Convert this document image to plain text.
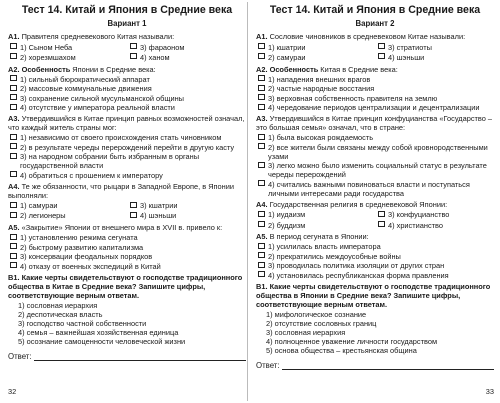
Тест 14. Китай и Япония в Средние века
Вариант 1
А1. Правителя средневекового Китая называли:
1) Сыном Неба	3) фараоном
2) хорезмшахом	4) ханом
А2. Особенность Японии в Средние века:
1) сильный бюрократический аппарат
2) массовые коммунальные движения
3) сохранение сильной мусульманской общины
4) отсутствие у императора реальной власти
А3. Утвердившийся в Китае принцип равных возможностей означал, что каждый житель страны мог:
1) независимо от своего происхождения стать чиновником
2) в результате череды перерождений перейти в другую касту
3) на народном собрании быть избранным в органы государственной власти
4) обратиться с прошением к императору
А4. Те же обязанности, что рыцари в Западной Европе, в Японии выполняли:
1) самураи	3) кшатрии
2) легионеры	4) шэньши
А5. «Закрытие» Японии от внешнего мира в XVII в. привело к:
1) установлению режима сегуната
2) быстрому развитию капитализма
3) консервации феодальных порядков
4) отказу от военных экспедиций в Китай
В1. Какие черты свидетельствуют о господстве традиционного общества в Китае в Средние века? Запишите цифры, соответствующие верным ответам.
1) сословная иерархия
2) деспотическая власть
3) господство частной собственности
4) семья – важнейшая хозяйственная единица
5) осознание самоценности человеческой жизни
Ответ:
32
Тест 14. Китай и Япония в Средние века
Вариант 2
А1. Сословие чиновников в средневековом Китае называли:
1) кшатрии	3) стратиоты
2) самураи	4) шэньши
А2. Особенность Китая в Средние века:
1) нападения внешних врагов
2) частые народные восстания
3) верховная собственность правителя на землю
4) чередование периодов централизации и децентрализации
А3. Утвердившийся в Китае принцип конфуцианства «Государство – это большая семья» означал, что в стране:
1) была высокая рождаемость
2) все жители были связаны между собой кровнородственными узами
3) легко можно было изменить социальный статус в результате череды перерождений
4) считались важными повиноваться власти и поступаться личными интересами ради государства
А4. Государственная религия в средневековой Японии:
1) иудаизм	3) конфуцианство
2) буддизм	4) христианство
А5. В период сегуната в Японии:
1) усилилась власть императора
2) прекратились междоусобные войны
3) проводилась политика изоляции от других стран
4) установилась республиканская форма правления
В1. Какие черты свидетельствуют о господстве традиционного общества в Японии в Средние века? Запишите цифры, соответствующие верным ответам.
1) мифологическое сознание
2) отсутствие сословных границ
3) сословная иерархия
4) полноценное уважение личности государством
5) основа общества – крестьянская община
Ответ:
33
